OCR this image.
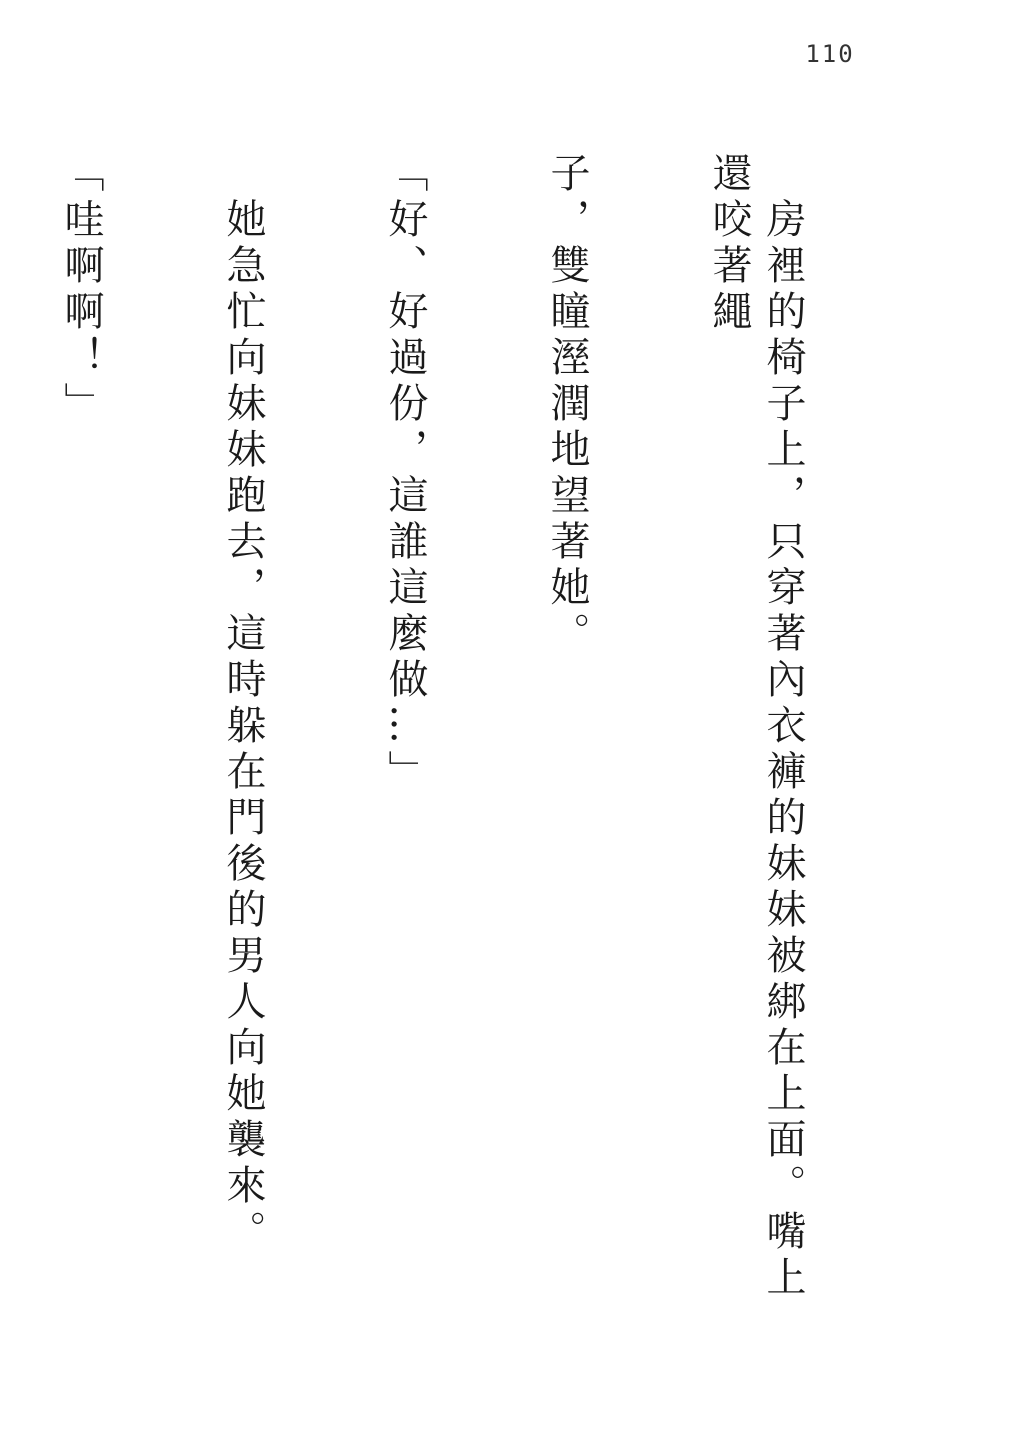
110

　房裡的椅子上，只穿著內衣褲的妹妹被綁在上面。嘴上還咬著繩

子，雙瞳溼潤地望著她。

「好、好過份，這誰這麼做…」

　她急忙向妹妹跑去，這時躲在門後的男人向她襲來。

「哇啊啊！」
